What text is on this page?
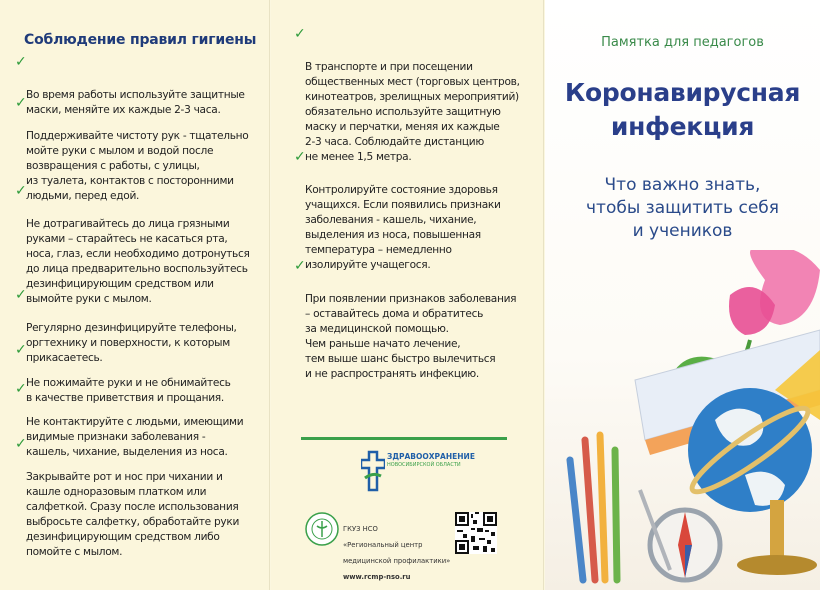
Соблюдение правил гигиены

✓

Во время работы используйте защитные
маски, меняйте их каждые 2-3 часа.

✓

Поддерживайте чистоту рук - тщательно
мойте руки с мылом и водой после
возвращения с работы, с улицы,
из туалета, контактов с посторонними
людьми, перед едой.

✓

Не дотрагивайтесь до лица грязными
руками – старайтесь не касаться рта,
носа, глаз, если необходимо дотронуться
до лица предварительно воспользуйтесь
дезинфицирующим средством или
вымойте руки с мылом.

✓

Регулярно дезинфицируйте телефоны,
оргтехнику и поверхности, к которым
прикасаетесь.

✓

Не пожимайте руки и не обнимайтесь
в качестве приветствия и прощания.

✓

Не контактируйте с людьми, имеющими
видимые признаки заболевания -
кашель, чихание, выделения из носа.

✓

Закрывайте рот и нос при чихании и
кашле одноразовым платком или
салфеткой. Сразу после использования
выбросьте салфетку, обработайте руки
дезинфицирующим средством либо
помойте с мылом.

✓

В транспорте и при посещении
общественных мест (торговых центров,
кинотеатров, зрелищных мероприятий)
обязательно используйте защитную
маску и перчатки, меняя их каждые
2-3 часа. Соблюдайте дистанцию
не менее 1,5 метра.

✓

Контролируйте состояние здоровья
учащихся. Если появились признаки
заболевания - кашель, чихание,
выделения из носа, повышенная
температура – немедленно
изолируйте учащегося.

✓

При появлении признаков заболевания
– оставайтесь дома и обратитесь
за медицинской помощью.
Чем раньше начато лечение,
тем выше шанс быстро вылечиться
и не распространять инфекцию.

ЗДРАВООХРАНЕНИЕ
НОВОСИБИРСКОЙ ОБЛАСТИ

ГКУЗ НСО

«Региональный центр

медицинской профилактики»

www.rcmp-nso.ru

Памятка для педагогов
Коронавирусная
инфекция
Что важно знать,
чтобы защитить себя
и учеников
